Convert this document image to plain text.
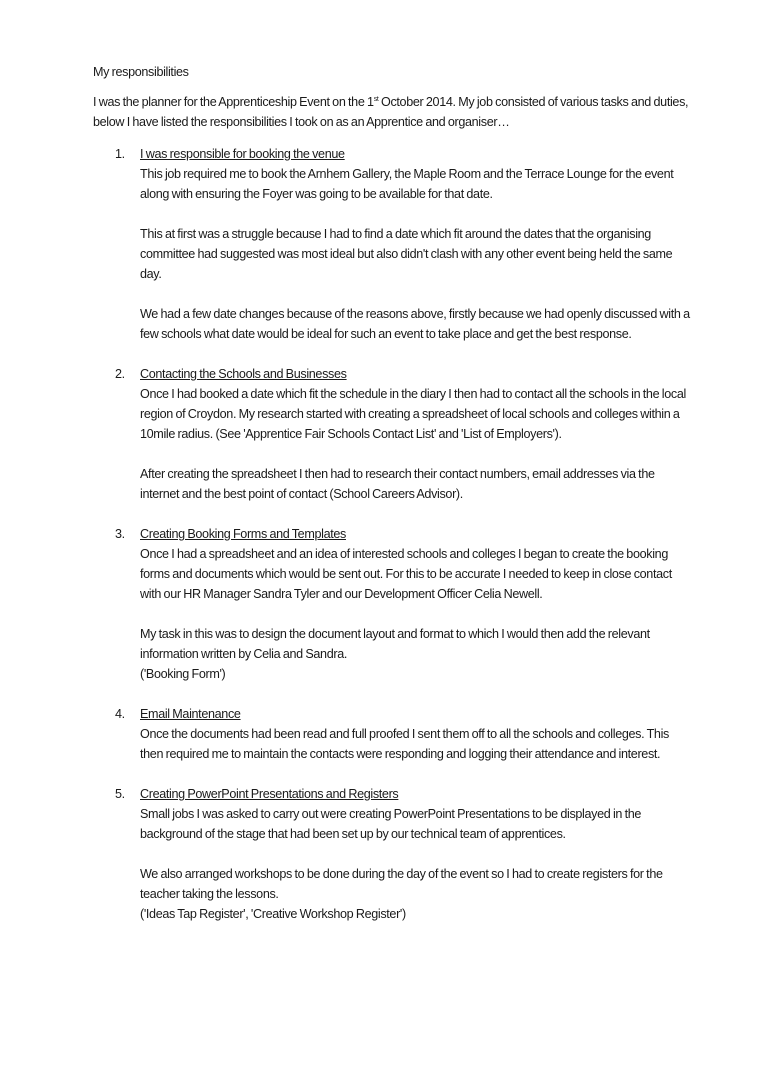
My responsibilities

I was the planner for the Apprenticeship Event on the 1st October 2014. My job consisted of various tasks and duties, below I have listed the responsibilities I took on as an Apprentice and organiser…

1. I was responsible for booking the venue
This job required me to book the Arnhem Gallery, the Maple Room and the Terrace Lounge for the event along with ensuring the Foyer was going to be available for that date.
This at first was a struggle because I had to find a date which fit around the dates that the organising committee had suggested was most ideal but also didn't clash with any other event being held the same day.
We had a few date changes because of the reasons above, firstly because we had openly discussed with a few schools what date would be ideal for such an event to take place and get the best response.
2. Contacting the Schools and Businesses
Once I had booked a date which fit the schedule in the diary I then had to contact all the schools in the local region of Croydon. My research started with creating a spreadsheet of local schools and colleges within a 10mile radius. (See 'Apprentice Fair Schools Contact List' and 'List of Employers').
After creating the spreadsheet I then had to research their contact numbers, email addresses via the internet and the best point of contact (School Careers Advisor).
3. Creating Booking Forms and Templates
Once I had a spreadsheet and an idea of interested schools and colleges I began to create the booking forms and documents which would be sent out. For this to be accurate I needed to keep in close contact with our HR Manager Sandra Tyler and our Development Officer Celia Newell.
My task in this was to design the document layout and format to which I would then add the relevant information written by Celia and Sandra.
('Booking Form')
4. Email Maintenance
Once the documents had been read and full proofed I sent them off to all the schools and colleges. This then required me to maintain the contacts were responding and logging their attendance and interest.
5. Creating PowerPoint Presentations and Registers
Small jobs I was asked to carry out were creating PowerPoint Presentations to be displayed in the background of the stage that had been set up by our technical team of apprentices.
We also arranged workshops to be done during the day of the event so I had to create registers for the teacher taking the lessons.
('Ideas Tap Register', 'Creative Workshop Register')
